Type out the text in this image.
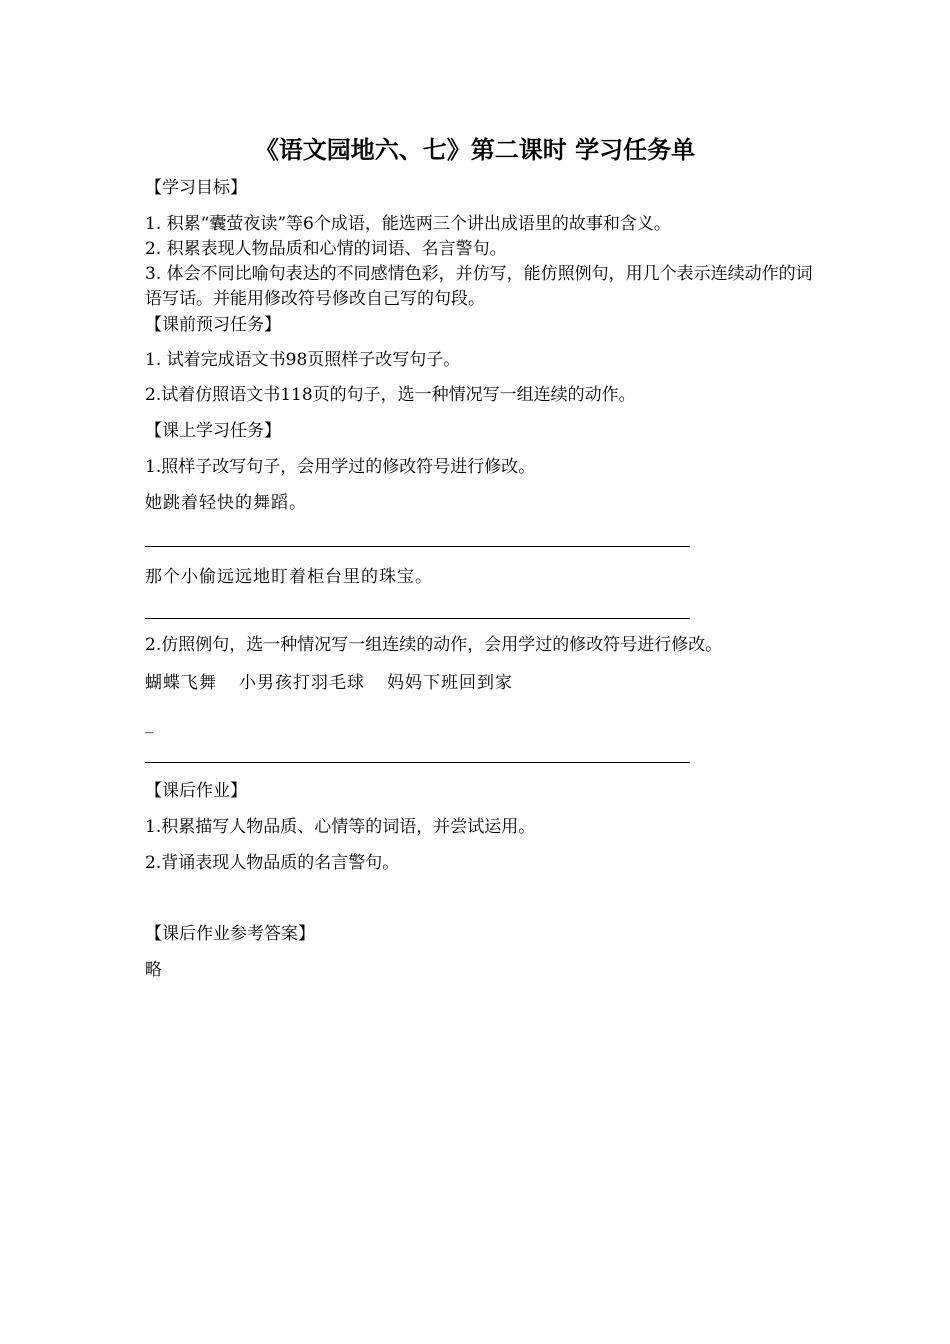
《语文园地六、七》第二课时 学习任务单
【学习目标】
1. 积累“囊萤夜读”等6个成语，能选两三个讲出成语里的故事和含义。
2. 积累表现人物品质和心情的词语、名言警句。
3. 体会不同比喻句表达的不同感情色彩，并仿写，能仿照例句，用几个表示连续动作的词语写话。并能用修改符号修改自己写的句段。
【课前预习任务】
1. 试着完成语文书98页照样子改写句子。
2.试着仿照语文书118页的句子，选一种情况写一组连续的动作。
【课上学习任务】
1.照样子改写句子，会用学过的修改符号进行修改。
她跳着轻快的舞蹈。
那个小偷远远地盯着柜台里的珠宝。
2.仿照例句，选一种情况写一组连续的动作，会用学过的修改符号进行修改。
蝴蝶飞舞 小男孩打羽毛球 妈妈下班回到家
_
【课后作业】
1.积累描写人物品质、心情等的词语，并尝试运用。
2.背诵表现人物品质的名言警句。
【课后作业参考答案】
略
